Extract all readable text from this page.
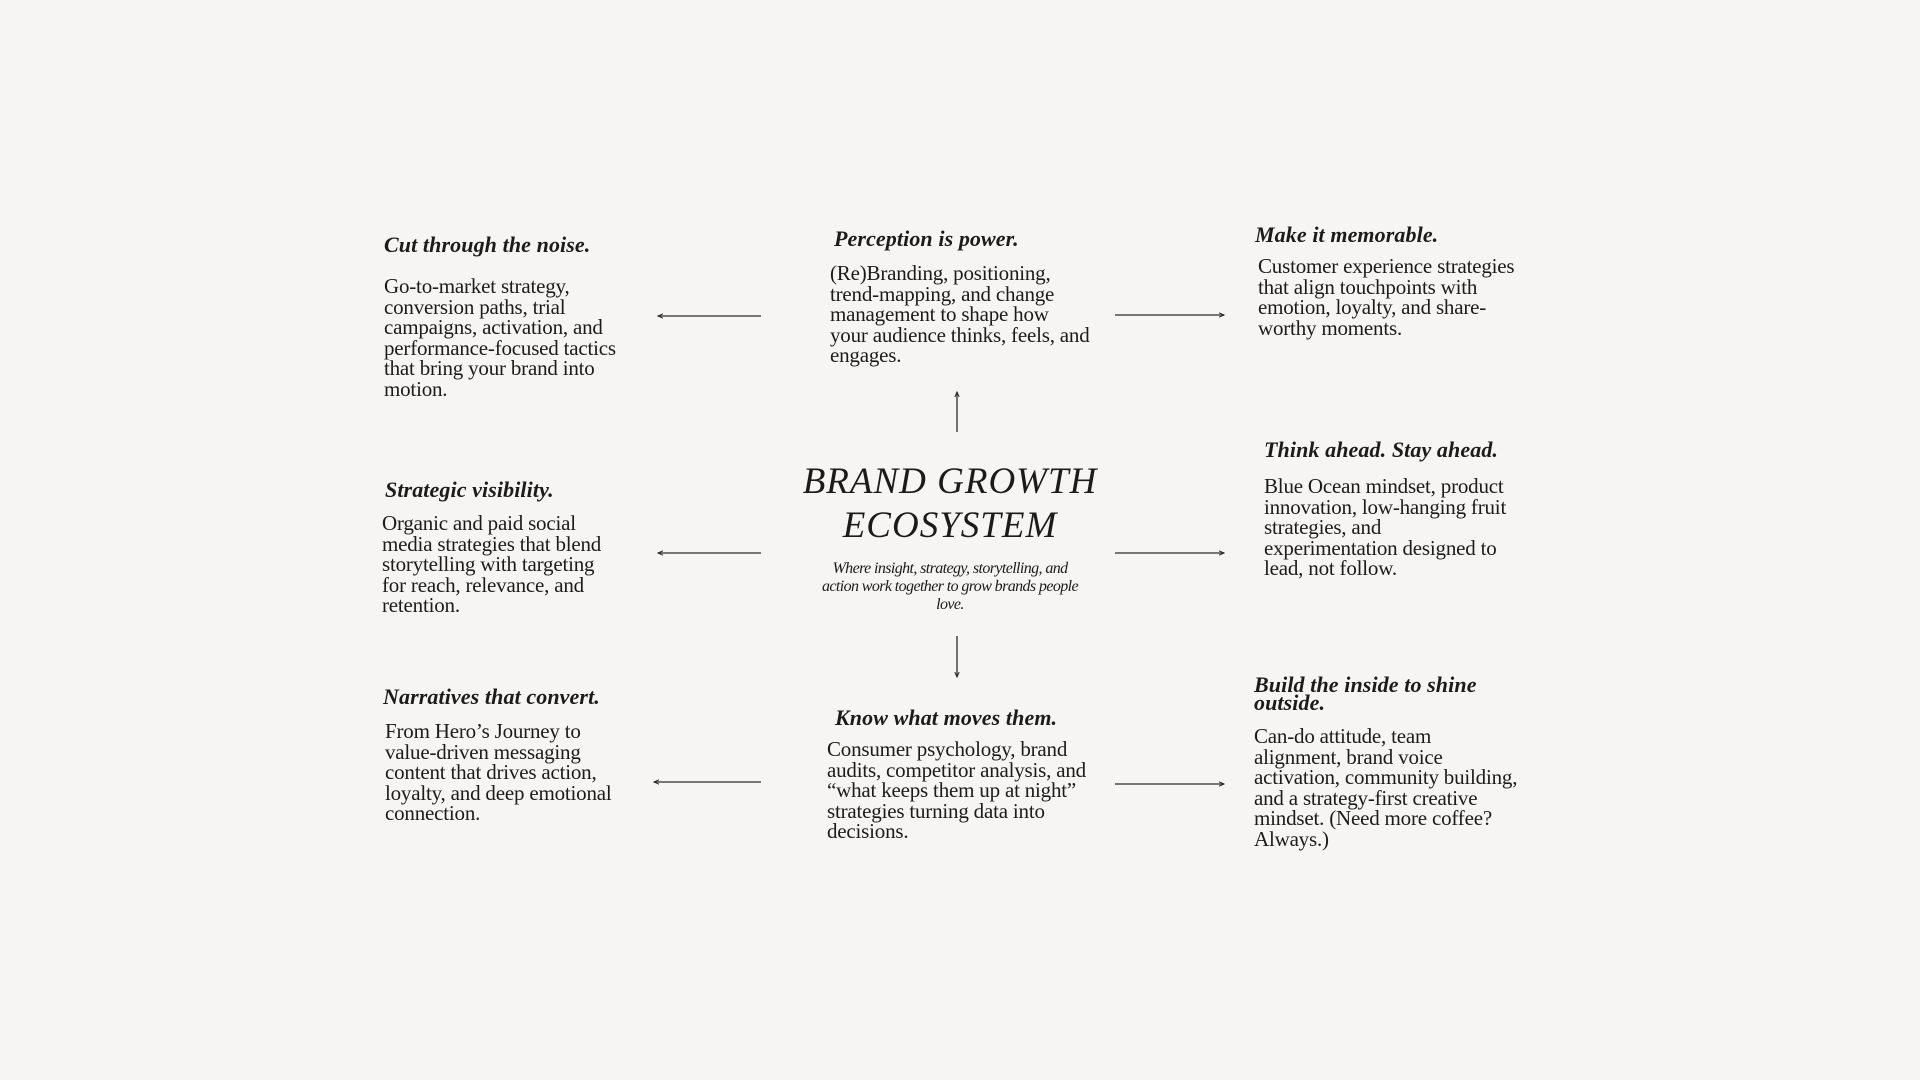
Cut through the noise.

Go-to-market strategy,
conversion paths, trial
campaigns, activation, and
performance-focused tactics
that bring your brand into
motion.

Perception is power.

(Re)Branding, positioning,
trend-mapping, and change
management to shape how
your audience thinks, feels, and
engages.

Make it memorable.

Customer experience strategies
that align touchpoints with
emotion, loyalty, and share-
worthy moments.

Strategic visibility.

Organic and paid social
media strategies that blend
storytelling with targeting
for reach, relevance, and
retention.

BRAND GROWTH
ECOSYSTEM

Where insight, strategy, storytelling, and action work together to grow brands people love.

Think ahead. Stay ahead.

Blue Ocean mindset, product
innovation, low-hanging fruit
strategies, and
experimentation designed to
lead, not follow.

Narratives that convert.

From Hero’s Journey to
value-driven messaging
content that drives action,
loyalty, and deep emotional
connection.

Know what moves them.

Consumer psychology, brand
audits, competitor analysis, and
“what keeps them up at night”
strategies turning data into
decisions.

Build the inside to shine
outside.

Can-do attitude, team
alignment, brand voice
activation, community building,
and a strategy-first creative
mindset. (Need more coffee?
Always.)
